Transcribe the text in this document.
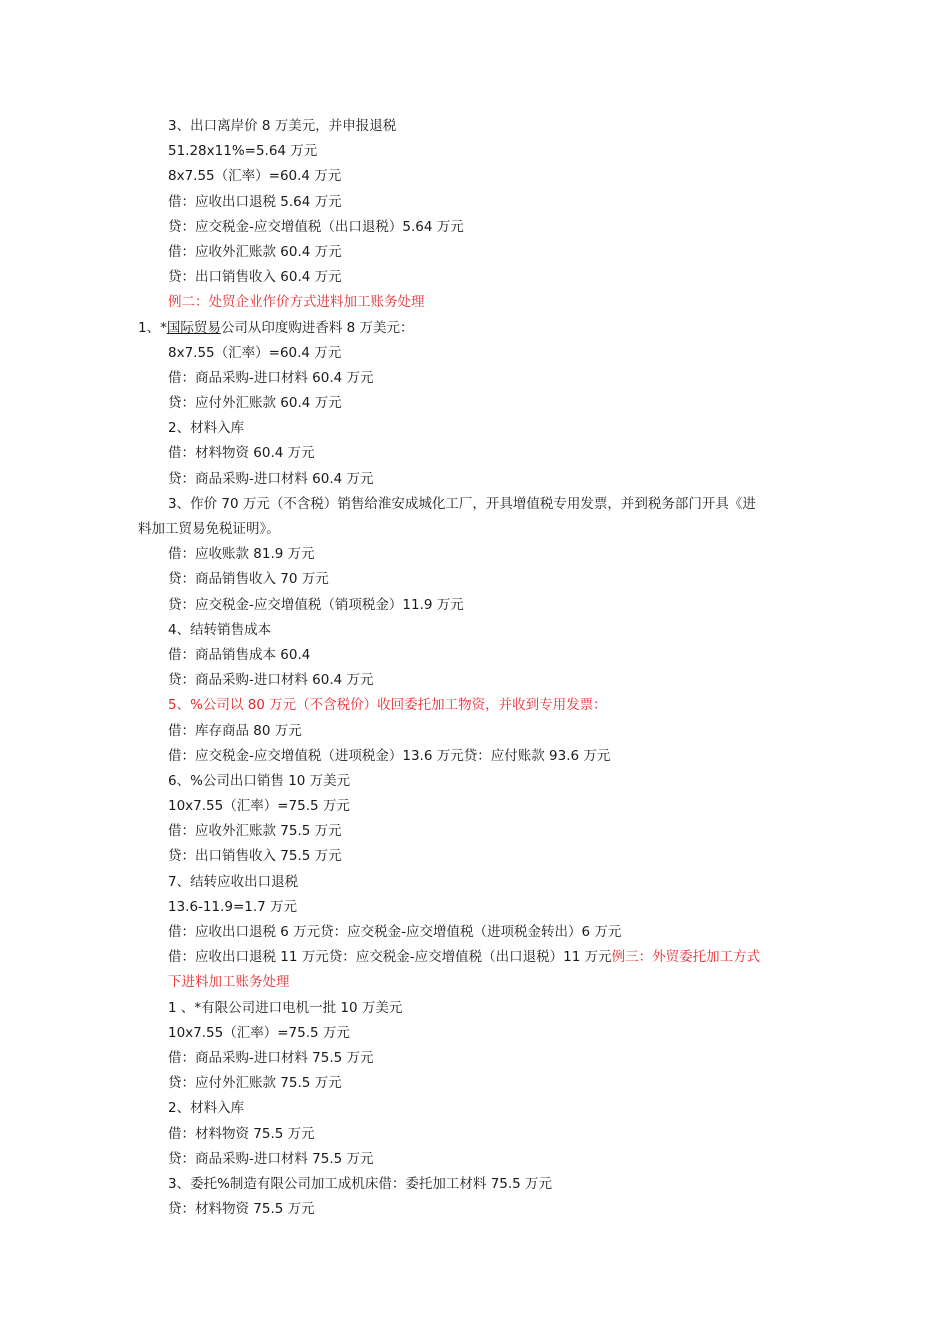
3、出口离岸价 8 万美元，并申报退税
51.28x11%=5.64 万元
8x7.55（汇率）=60.4 万元
借：应收出口退税 5.64 万元
贷：应交税金-应交增值税（出口退税）5.64 万元
借：应收外汇账款 60.4 万元
贷：出口销售收入 60.4 万元
例二：处贸企业作价方式进料加工账务处理
1、*国际贸易公司从印度购进香料 8 万美元：
8x7.55（汇率）=60.4 万元
借：商品采购-进口材料 60.4 万元
贷：应付外汇账款 60.4 万元
2、材料入库
借：材料物资 60.4 万元
贷：商品采购-进口材料 60.4 万元
3、作价 70 万元（不含税）销售给淮安成城化工厂，开具增值税专用发票，并到税务部门开具《进
料加工贸易免税证明》。
借：应收账款 81.9 万元
贷：商品销售收入 70 万元
贷：应交税金-应交增值税（销项税金）11.9 万元
4、结转销售成本
借：商品销售成本 60.4
贷：商品采购-进口材料 60.4 万元
5、%公司以 80 万元（不含税价）收回委托加工物资，并收到专用发票：
借：库存商品 80 万元
借：应交税金-应交增值税（进项税金）13.6 万元贷：应付账款 93.6 万元
6、%公司出口销售 10 万美元
10x7.55（汇率）=75.5 万元
借：应收外汇账款 75.5 万元
贷：出口销售收入 75.5 万元
7、结转应收出口退税
13.6-11.9=1.7 万元
借：应收出口退税 6 万元贷：应交税金-应交增值税（进项税金转出）6 万元
借：应收出口退税 11 万元贷：应交税金-应交增值税（出口退税）11 万元例三：外贸委托加工方式
下进料加工账务处理
1 、*有限公司进口电机一批 10 万美元
10x7.55（汇率）=75.5 万元
借：商品采购-进口材料 75.5 万元
贷：应付外汇账款 75.5 万元
2、材料入库
借：材料物资 75.5 万元
贷：商品采购-进口材料 75.5 万元
3、委托%制造有限公司加工成机床借：委托加工材料 75.5 万元
贷：材料物资 75.5 万元
